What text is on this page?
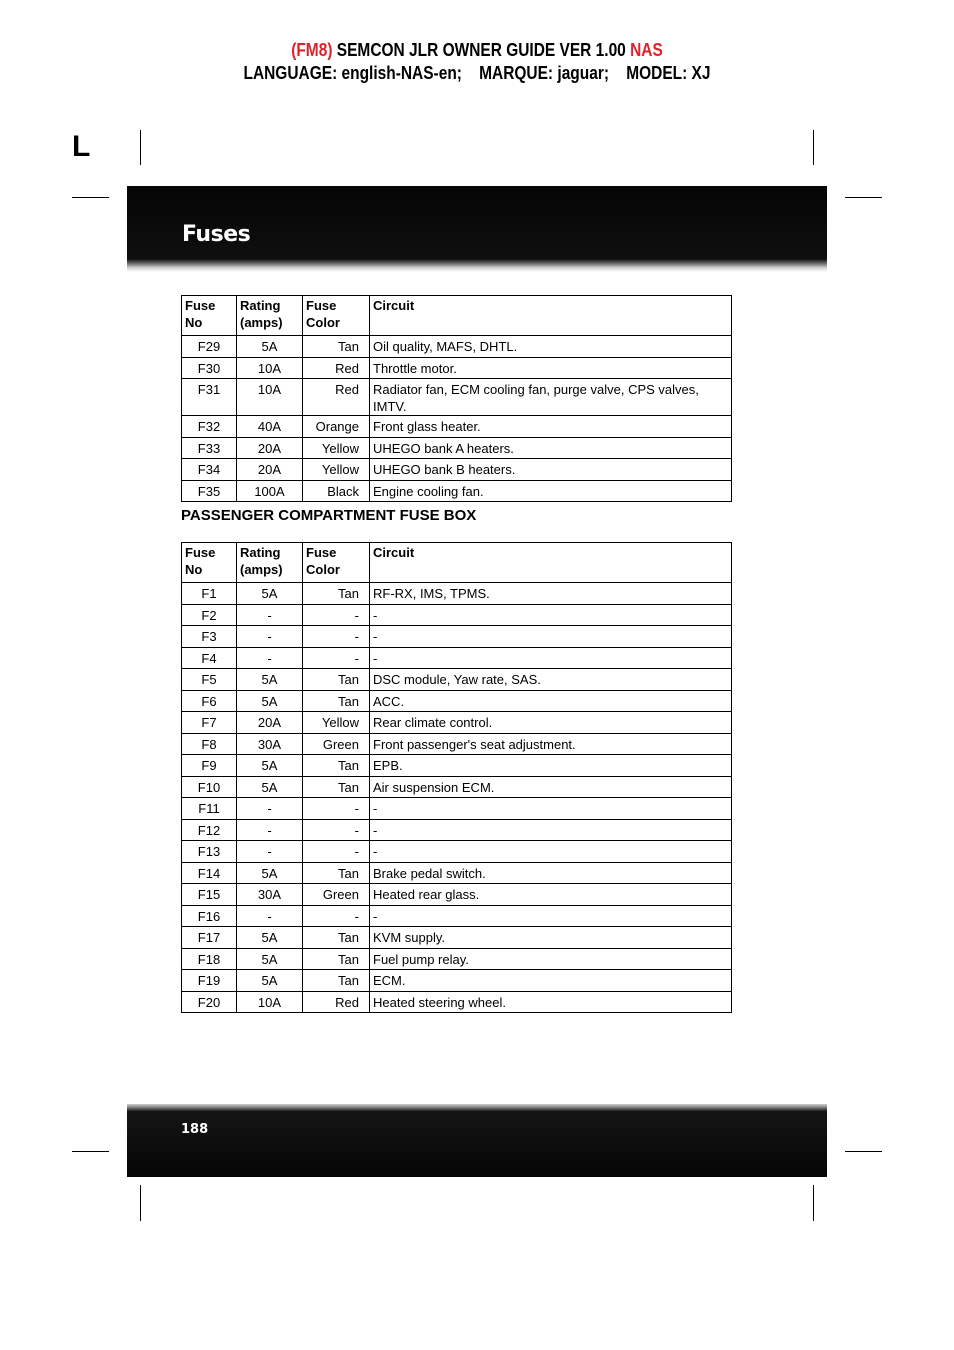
(FM8) SEMCON JLR OWNER GUIDE VER 1.00 NAS
LANGUAGE: english-NAS-en;    MARQUE: jaguar;    MODEL: XJ
L
Fuses
Fuse No	Rating (amps)	Fuse Color	Circuit
F29	5A	Tan	Oil quality, MAFS, DHTL.
F30	10A	Red	Throttle motor.
F31	10A	Red	Radiator fan, ECM cooling fan, purge valve, CPS valves, IMTV.
F32	40A	Orange	Front glass heater.
F33	20A	Yellow	UHEGO bank A heaters.
F34	20A	Yellow	UHEGO bank B heaters.
F35	100A	Black	Engine cooling fan.
PASSENGER COMPARTMENT FUSE BOX
Fuse No	Rating (amps)	Fuse Color	Circuit
F1	5A	Tan	RF-RX, IMS, TPMS.
F2	-	-	-
F3	-	-	-
F4	-	-	-
F5	5A	Tan	DSC module, Yaw rate, SAS.
F6	5A	Tan	ACC.
F7	20A	Yellow	Rear climate control.
F8	30A	Green	Front passenger's seat adjustment.
F9	5A	Tan	EPB.
F10	5A	Tan	Air suspension ECM.
F11	-	-	-
F12	-	-	-
F13	-	-	-
F14	5A	Tan	Brake pedal switch.
F15	30A	Green	Heated rear glass.
F16	-	-	-
F17	5A	Tan	KVM supply.
F18	5A	Tan	Fuel pump relay.
F19	5A	Tan	ECM.
F20	10A	Red	Heated steering wheel.
188
